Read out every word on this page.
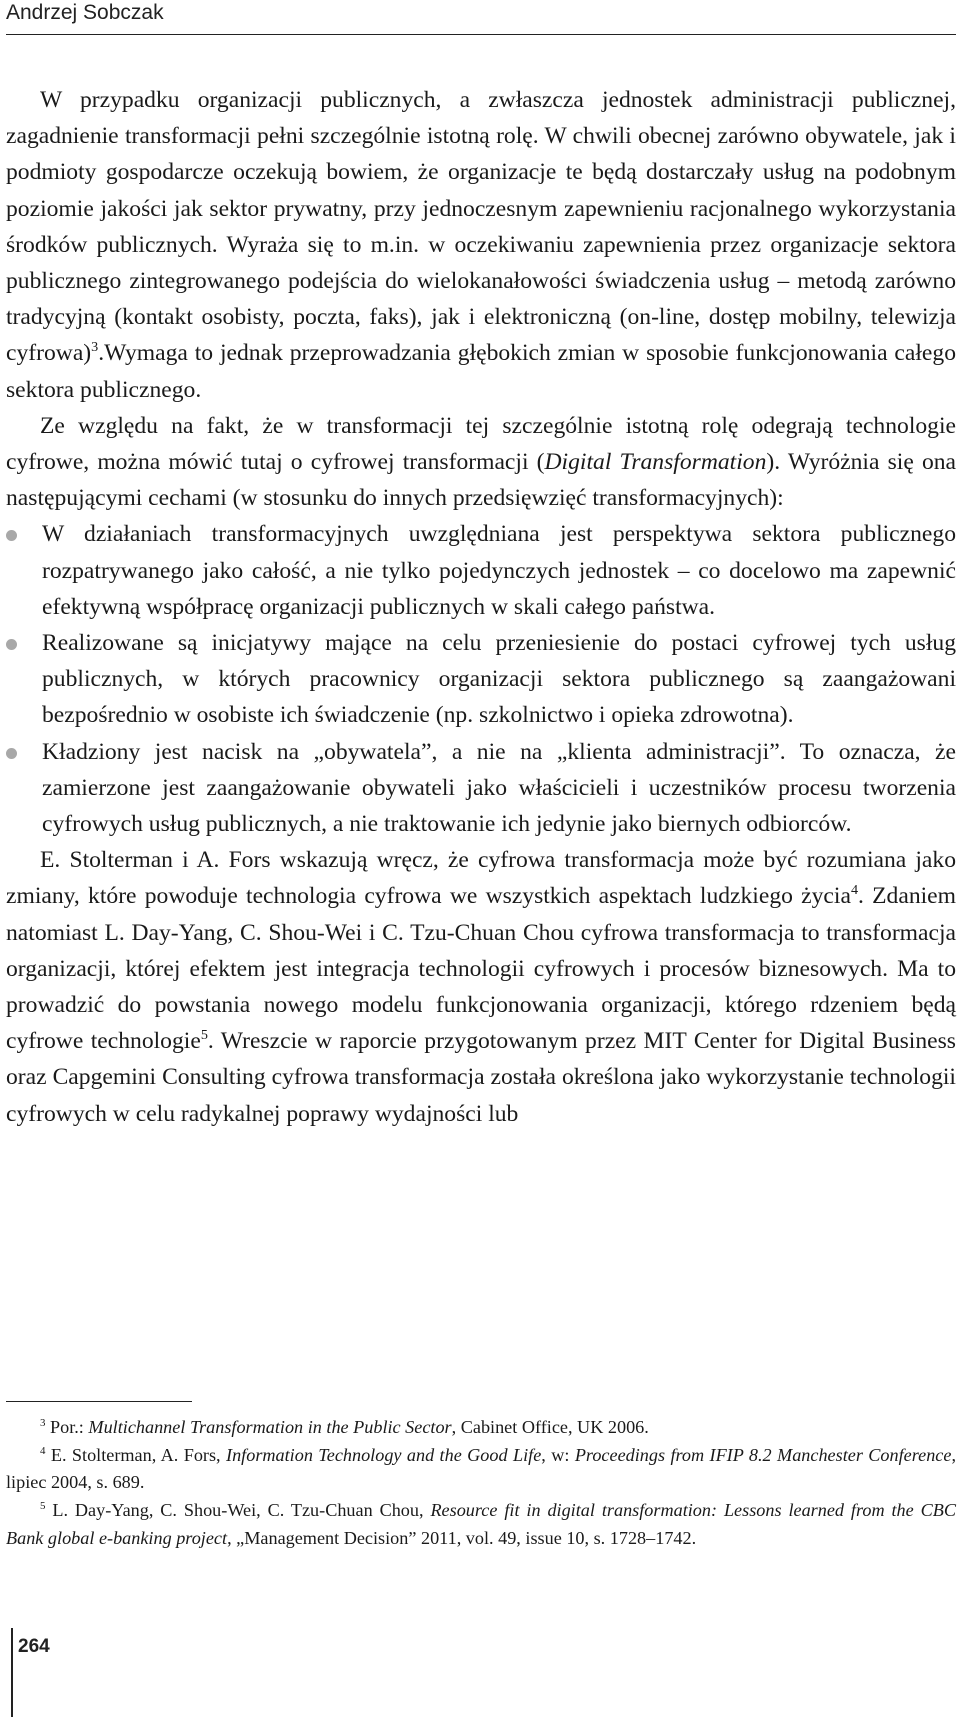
Andrzej Sobczak

W przypadku organizacji publicznych, a zwłaszcza jednostek administracji publicznej, zagadnienie transformacji pełni szczególnie istotną rolę. W chwili obecnej zarówno obywatele, jak i podmioty gospodarcze oczekują bowiem, że organizacje te będą dostarczały usług na podobnym poziomie jakości jak sektor prywatny, przy jednoczesnym zapewnieniu racjonalnego wykorzystania środków publicznych. Wyraża się to m.in. w oczekiwaniu zapewnienia przez organizacje sektora publicznego zintegrowanego podejścia do wielokanałowości świadczenia usług – metodą zarówno tradycyjną (kontakt osobisty, poczta, faks), jak i elektroniczną (on-line, dostęp mobilny, telewizja cyfrowa)$^3$.Wymaga to jednak przeprowadzania głębokich zmian w sposobie funkcjonowania całego sektora publicznego.

Ze względu na fakt, że w transformacji tej szczególnie istotną rolę odegrają technologie cyfrowe, można mówić tutaj o cyfrowej transformacji (Digital Transformation). Wyróżnia się ona następującymi cechami (w stosunku do innych przedsięwzięć transformacyjnych):

W działaniach transformacyjnych uwzględniana jest perspektywa sektora publicznego rozpatrywanego jako całość, a nie tylko pojedynczych jednostek – co docelowo ma zapewnić efektywną współpracę organizacji publicznych w skali całego państwa.
Realizowane są inicjatywy mające na celu przeniesienie do postaci cyfrowej tych usług publicznych, w których pracownicy organizacji sektora publicznego są zaangażowani bezpośrednio w osobiste ich świadczenie (np. szkolnictwo i opieka zdrowotna).
Kładziony jest nacisk na „obywatela”, a nie na „klienta administracji”. To oznacza, że zamierzone jest zaangażowanie obywateli jako właścicieli i uczestników procesu tworzenia cyfrowych usług publicznych, a nie traktowanie ich jedynie jako biernych odbiorców.

E. Stolterman i A. Fors wskazują wręcz, że cyfrowa transformacja może być rozumiana jako zmiany, które powoduje technologia cyfrowa we wszystkich aspektach ludzkiego życia$^4$. Zdaniem natomiast L. Day-Yang, C. Shou-Wei i C. Tzu-Chuan Chou cyfrowa transformacja to transformacja organizacji, której efektem jest integracja technologii cyfrowych i procesów biznesowych. Ma to prowadzić do powstania nowego modelu funkcjonowania organizacji, którego rdzeniem będą cyfrowe technologie$^5$. Wreszcie w raporcie przygotowanym przez MIT Center for Digital Business oraz Capgemini Consulting cyfrowa transformacja została określona jako wykorzystanie technologii cyfrowych w celu radykalnej poprawy wydajności lub

$^3$ Por.: Multichannel Transformation in the Public Sector, Cabinet Office, UK 2006.

$^4$ E. Stolterman, A. Fors, Information Technology and the Good Life, w: Proceedings from IFIP 8.2 Manchester Conference, lipiec 2004, s. 689.

$^5$ L. Day-Yang, C. Shou-Wei, C. Tzu-Chuan Chou, Resource fit in digital transformation: Lessons learned from the CBC Bank global e-banking project, „Management Decision” 2011, vol. 49, issue 10, s. 1728–1742.

264
